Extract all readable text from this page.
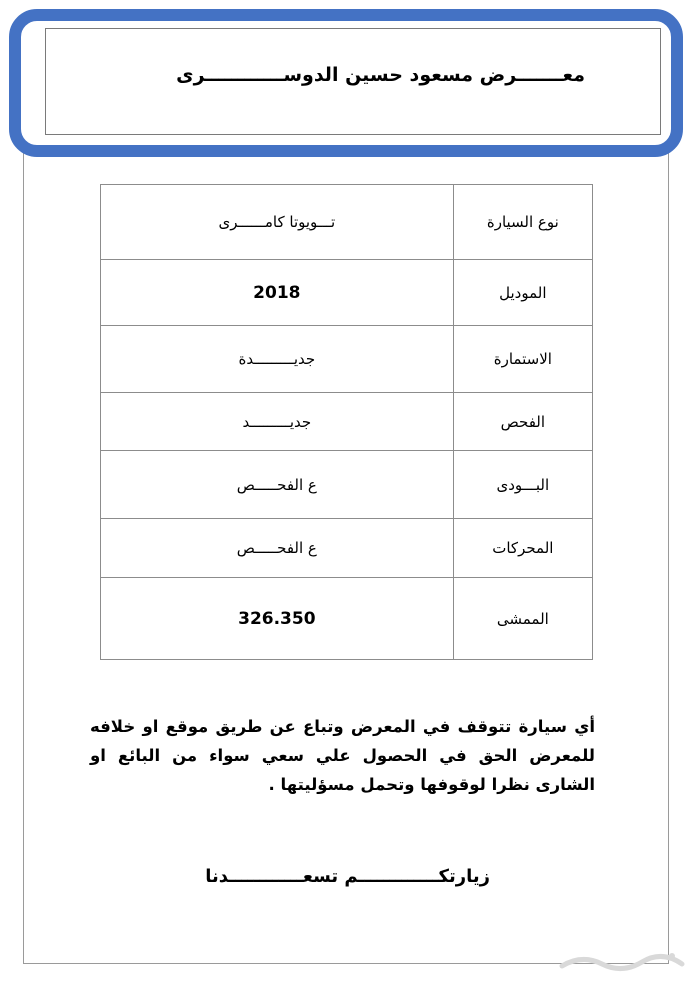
معـــــــرض مسعود حسين الدوســــــــــــرى
نوع السيارة	تـــويوتا كامــــــرى
الموديل	2018
الاستمارة	جديـــــــــدة
الفحص	جديـــــــــد
البـــودى	ع الفحـــــص
المحركات	ع الفحـــــص
الممشى	326.350
أي سيارة تتوقف في المعرض وتباع عن طريق موقع او خلافه للمعرض الحق في الحصول علي سعي سواء من البائع او الشارى نظرا لوقوفها وتحمل مسؤليتها .
زيارتكـــــــــــــم تسعــــــــــــدنا
